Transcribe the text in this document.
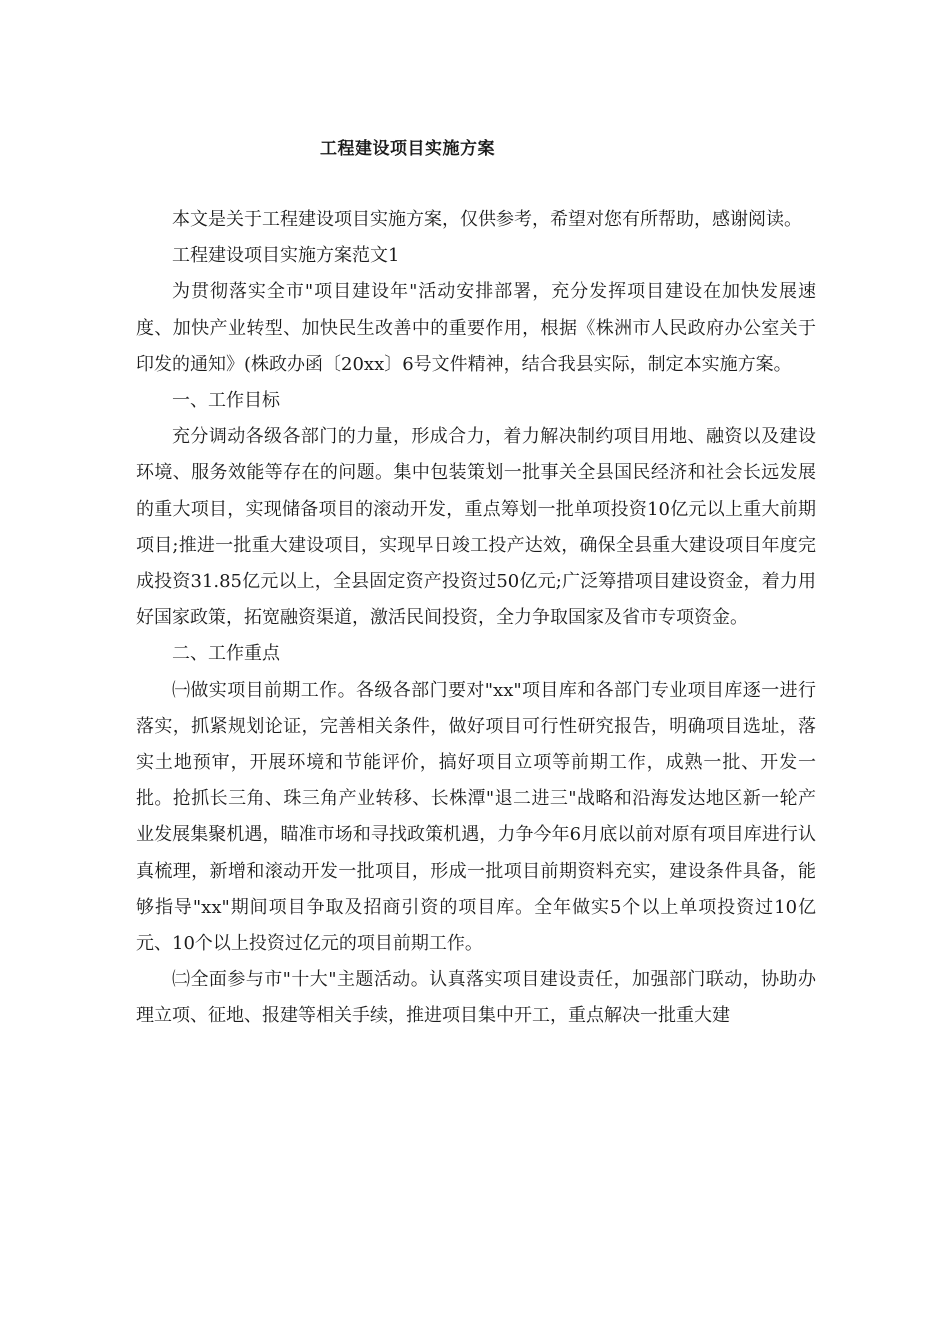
工程建设项目实施方案

本文是关于工程建设项目实施方案，仅供参考，希望对您有所帮助，感谢阅读。

工程建设项目实施方案范文1

为贯彻落实全市"项目建设年"活动安排部署，充分发挥项目建设在加快发展速度、加快产业转型、加快民生改善中的重要作用，根据《株洲市人民政府办公室关于印发的通知》(株政办函〔20xx〕6号文件精神，结合我县实际，制定本实施方案。

一、工作目标

充分调动各级各部门的力量，形成合力，着力解决制约项目用地、融资以及建设环境、服务效能等存在的问题。集中包装策划一批事关全县国民经济和社会长远发展的重大项目，实现储备项目的滚动开发，重点筹划一批单项投资10亿元以上重大前期项目;推进一批重大建设项目，实现早日竣工投产达效，确保全县重大建设项目年度完成投资31.85亿元以上，全县固定资产投资过50亿元;广泛筹措项目建设资金，着力用好国家政策，拓宽融资渠道，激活民间投资，全力争取国家及省市专项资金。

二、工作重点

㈠做实项目前期工作。各级各部门要对"xx"项目库和各部门专业项目库逐一进行落实，抓紧规划论证，完善相关条件，做好项目可行性研究报告，明确项目选址，落实土地预审，开展环境和节能评价，搞好项目立项等前期工作，成熟一批、开发一批。抢抓长三角、珠三角产业转移、长株潭"退二进三"战略和沿海发达地区新一轮产业发展集聚机遇，瞄准市场和寻找政策机遇，力争今年6月底以前对原有项目库进行认真梳理，新增和滚动开发一批项目，形成一批项目前期资料充实，建设条件具备，能够指导"xx"期间项目争取及招商引资的项目库。全年做实5个以上单项投资过10亿元、10个以上投资过亿元的项目前期工作。

㈡全面参与市"十大"主题活动。认真落实项目建设责任，加强部门联动，协助办理立项、征地、报建等相关手续，推进项目集中开工，重点解决一批重大建
